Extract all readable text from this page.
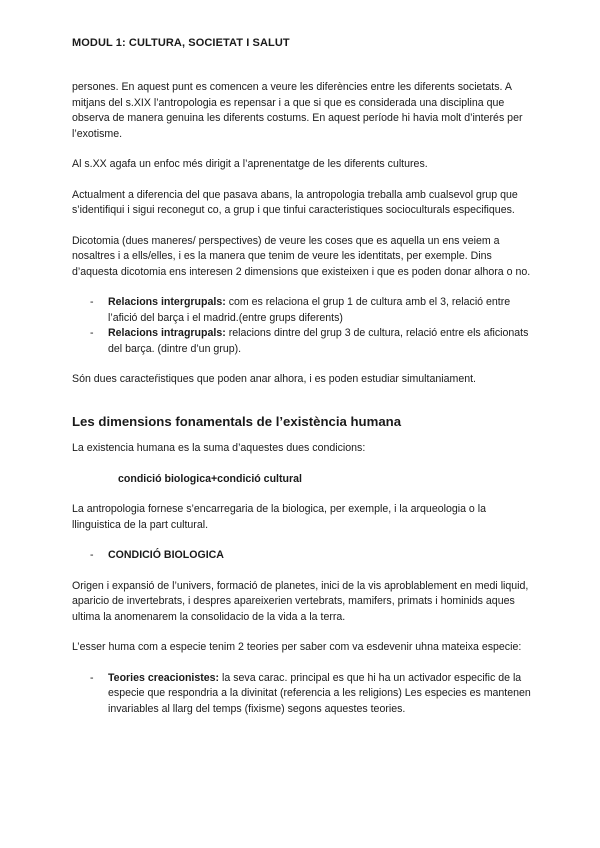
MODUL 1: CULTURA, SOCIETAT I SALUT

persones. En aquest punt es comencen a veure les diferències entre les diferents societats. A mitjans del s.XIX l’antropologia es repensar i a que si que es considerada una disciplina que observa de manera genuina les diferents costums. En aquest període hi havia molt d’interés per l’exotisme.

Al s.XX agafa un enfoc més dirigit a l’aprenentatge de les diferents cultures.

Actualment a diferencia del que pasava abans, la antropologia treballa amb cualsevol grup que s’identifiqui i sigui reconegut co, a grup i que tinfui caracteristiques socioculturals especifiques.

Dicotomia (dues maneres/ perspectives) de veure les coses que es aquella un ens veiem a nosaltres i a ells/elles, i es la manera que tenim de veure les identitats, per exemple. Dins d’aquesta dicotomia ens interesen 2 dimensions que existeixen i que es poden donar alhora o no.

- Relacions intergrupals: com es relaciona el grup 1 de cultura amb el 3, relació entre l’afició del barça i el madrid.(entre grups diferents)
- Relacions intragrupals: relacions dintre del grup 3 de cultura, relació entre els aficionats del barça. (dintre d’un grup).

Són dues caracteŕistiques que poden anar alhora, i es poden estudiar simultaniament.

Les dimensions fonamentals de l’existència humana

La existencia humana es la suma d’aquestes dues condicions:

condició biologica+condició cultural

La antropologia fornese s’encarregaria de la biologica, per exemple, i la arqueologia o la llinguistica de la part cultural.

- CONDICIÓ BIOLOGICA

Origen i expansió de l’univers, formació de planetes, inici de la vis aproblablement en medi liquid, aparicio de invertebrats, i despres apareixerien vertebrats, mamifers, primats i hominids aques ultima la anomenarem la consolidacio de la vida a la terra.

L’esser huma com a especie tenim 2 teories per saber com va esdevenir uhna mateixa especie:

- Teories creacionistes: la seva carac. principal es que hi ha un activador especific de la especie que respondria a la divinitat (referencia a les religions) Les especies es mantenen invariables al llarg del temps (fixisme) segons aquestes teories.
